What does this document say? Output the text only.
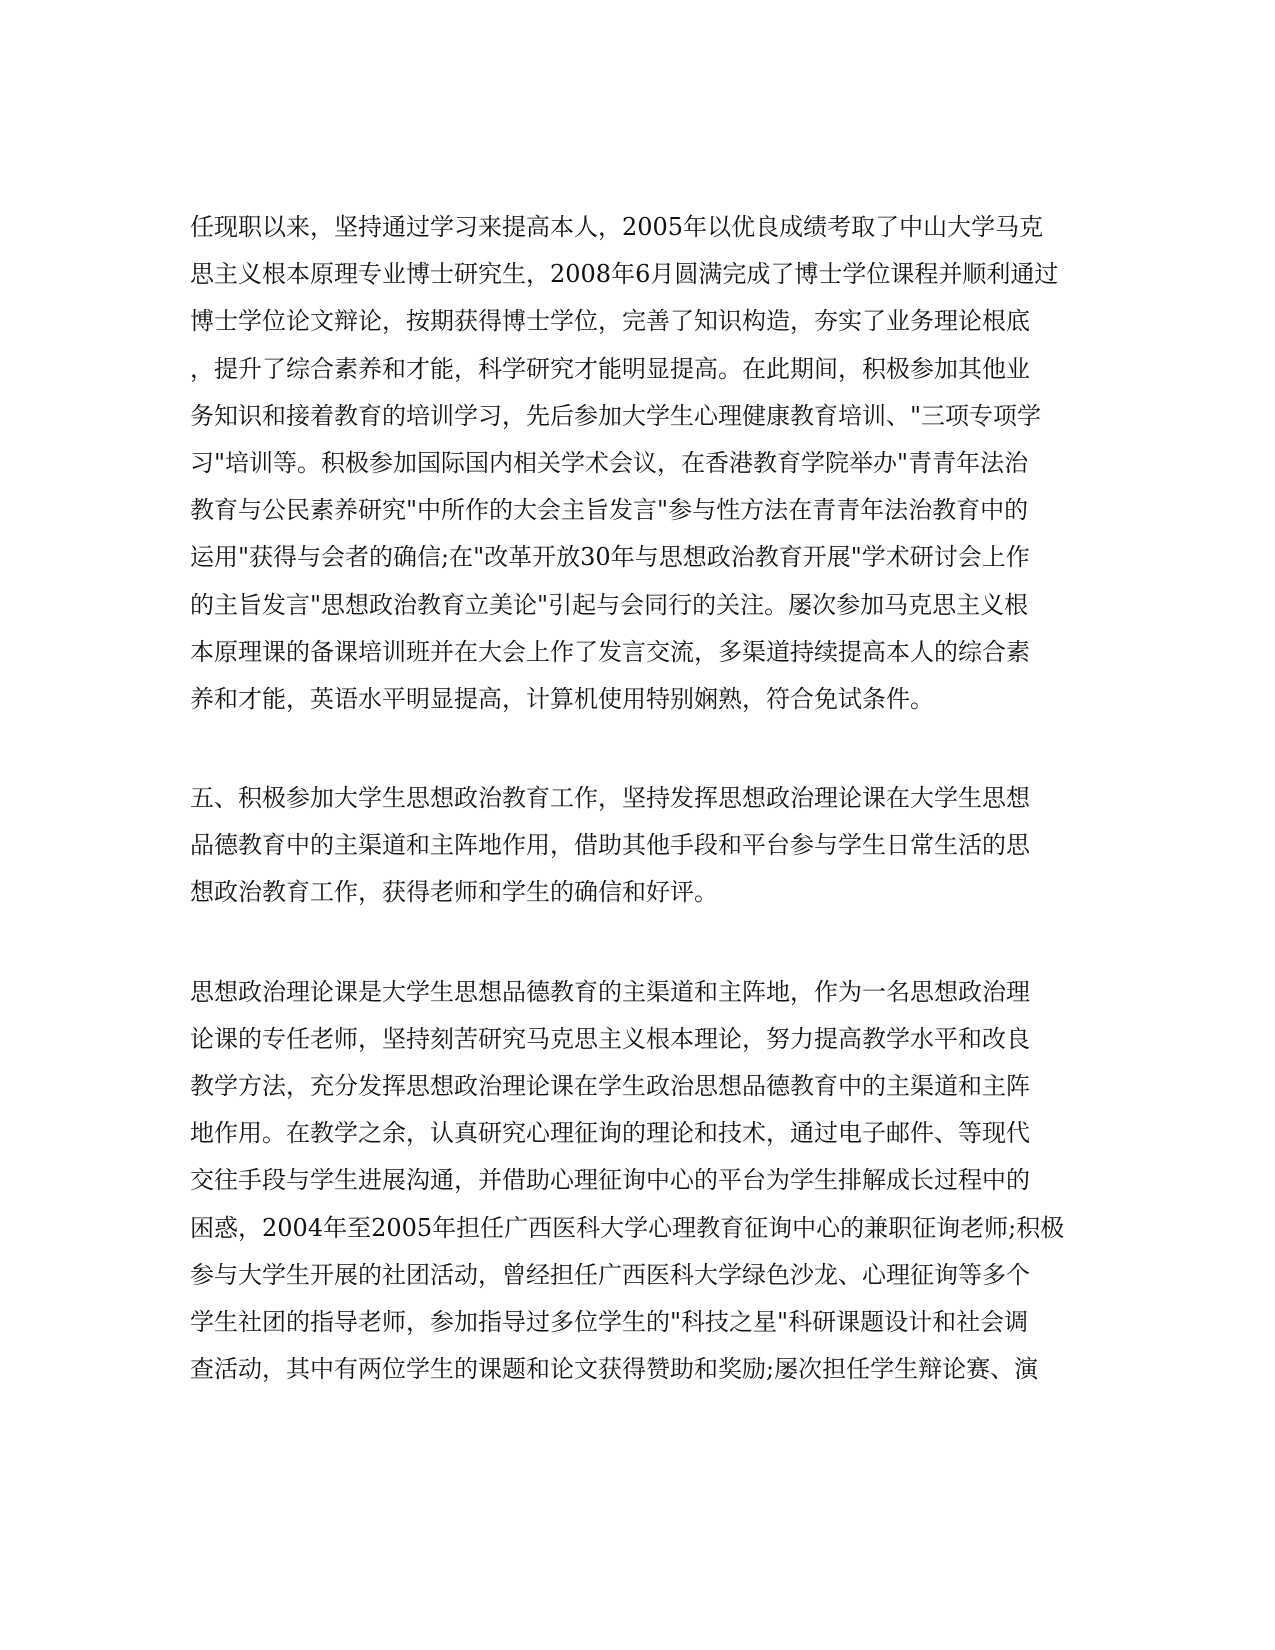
任现职以来，坚持通过学习来提高本人，2005年以优良成绩考取了中山大学马克
思主义根本原理专业博士研究生，2008年6月圆满完成了博士学位课程并顺利通过
博士学位论文辩论，按期获得博士学位，完善了知识构造，夯实了业务理论根底
，提升了综合素养和才能，科学研究才能明显提高。在此期间，积极参加其他业
务知识和接着教育的培训学习，先后参加大学生心理健康教育培训、"三项专项学
习"培训等。积极参加国际国内相关学术会议，在香港教育学院举办"青青年法治
教育与公民素养研究"中所作的大会主旨发言"参与性方法在青青年法治教育中的
运用"获得与会者的确信;在"改革开放30年与思想政治教育开展"学术研讨会上作
的主旨发言"思想政治教育立美论"引起与会同行的关注。屡次参加马克思主义根
本原理课的备课培训班并在大会上作了发言交流，多渠道持续提高本人的综合素
养和才能，英语水平明显提高，计算机使用特别娴熟，符合免试条件。
五、积极参加大学生思想政治教育工作，坚持发挥思想政治理论课在大学生思想
品德教育中的主渠道和主阵地作用，借助其他手段和平台参与学生日常生活的思
想政治教育工作，获得老师和学生的确信和好评。
思想政治理论课是大学生思想品德教育的主渠道和主阵地，作为一名思想政治理
论课的专任老师，坚持刻苦研究马克思主义根本理论，努力提高教学水平和改良
教学方法，充分发挥思想政治理论课在学生政治思想品德教育中的主渠道和主阵
地作用。在教学之余，认真研究心理征询的理论和技术，通过电子邮件、等现代
交往手段与学生进展沟通，并借助心理征询中心的平台为学生排解成长过程中的
困惑，2004年至2005年担任广西医科大学心理教育征询中心的兼职征询老师;积极
参与大学生开展的社团活动，曾经担任广西医科大学绿色沙龙、心理征询等多个
学生社团的指导老师，参加指导过多位学生的"科技之星"科研课题设计和社会调
查活动，其中有两位学生的课题和论文获得赞助和奖励;屡次担任学生辩论赛、演
